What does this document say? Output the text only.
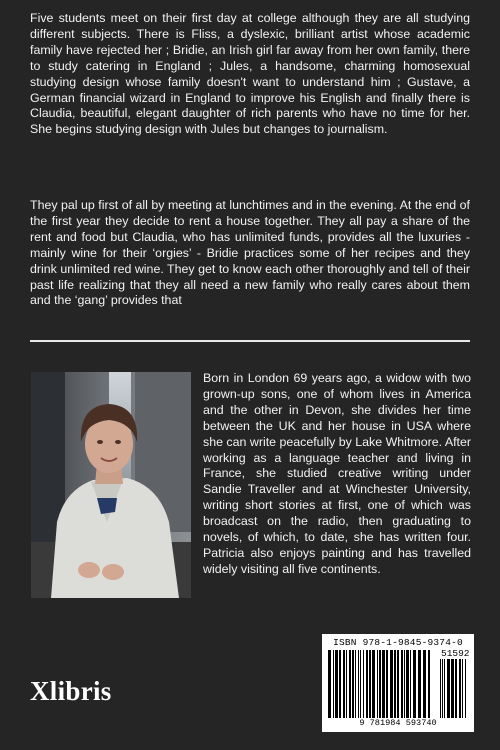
Five students meet on their first day at college although they are all studying different subjects. There is Fliss, a dyslexic, brilliant artist whose academic family have rejected her ; Bridie, an Irish girl far away from her own family, there to study catering in England ; Jules, a handsome, charming homosexual studying design whose family doesn't want to understand him ; Gustave, a German financial wizard in England to improve his English and finally there is Claudia, beautiful, elegant daughter of rich parents who have no time for her. She begins studying design with Jules but changes to journalism.

They pal up first of all by meeting at lunchtimes and in the evening. At the end of the first year they decide to rent a house together. They all pay a share of the rent and food but Claudia, who has unlimited funds, provides all the luxuries - mainly wine for their ‘orgies’ - Bridie practices some of her recipes and they drink unlimited red wine. They get to know each other thoroughly and tell of their past life realizing that they all need a new family who really cares about them and the ‘gang’ provides that

Born in London 69 years ago, a widow with two grown-up sons, one of whom lives in America and the other in Devon, she divides her time between the UK and her house in USA where she can write peacefully by Lake Whitmore. After working as a language teacher and living in France, she studied creative writing under Sandie Traveller and at Winchester University, writing short stories at first, one of which was broadcast on the radio, then graduating to novels, of which, to date, she has written four. Patricia also enjoys painting and has travelled widely visiting all five continents.

Xlibris
ISBN 978-1-9845-9374-0
51592
9 781984 593740
